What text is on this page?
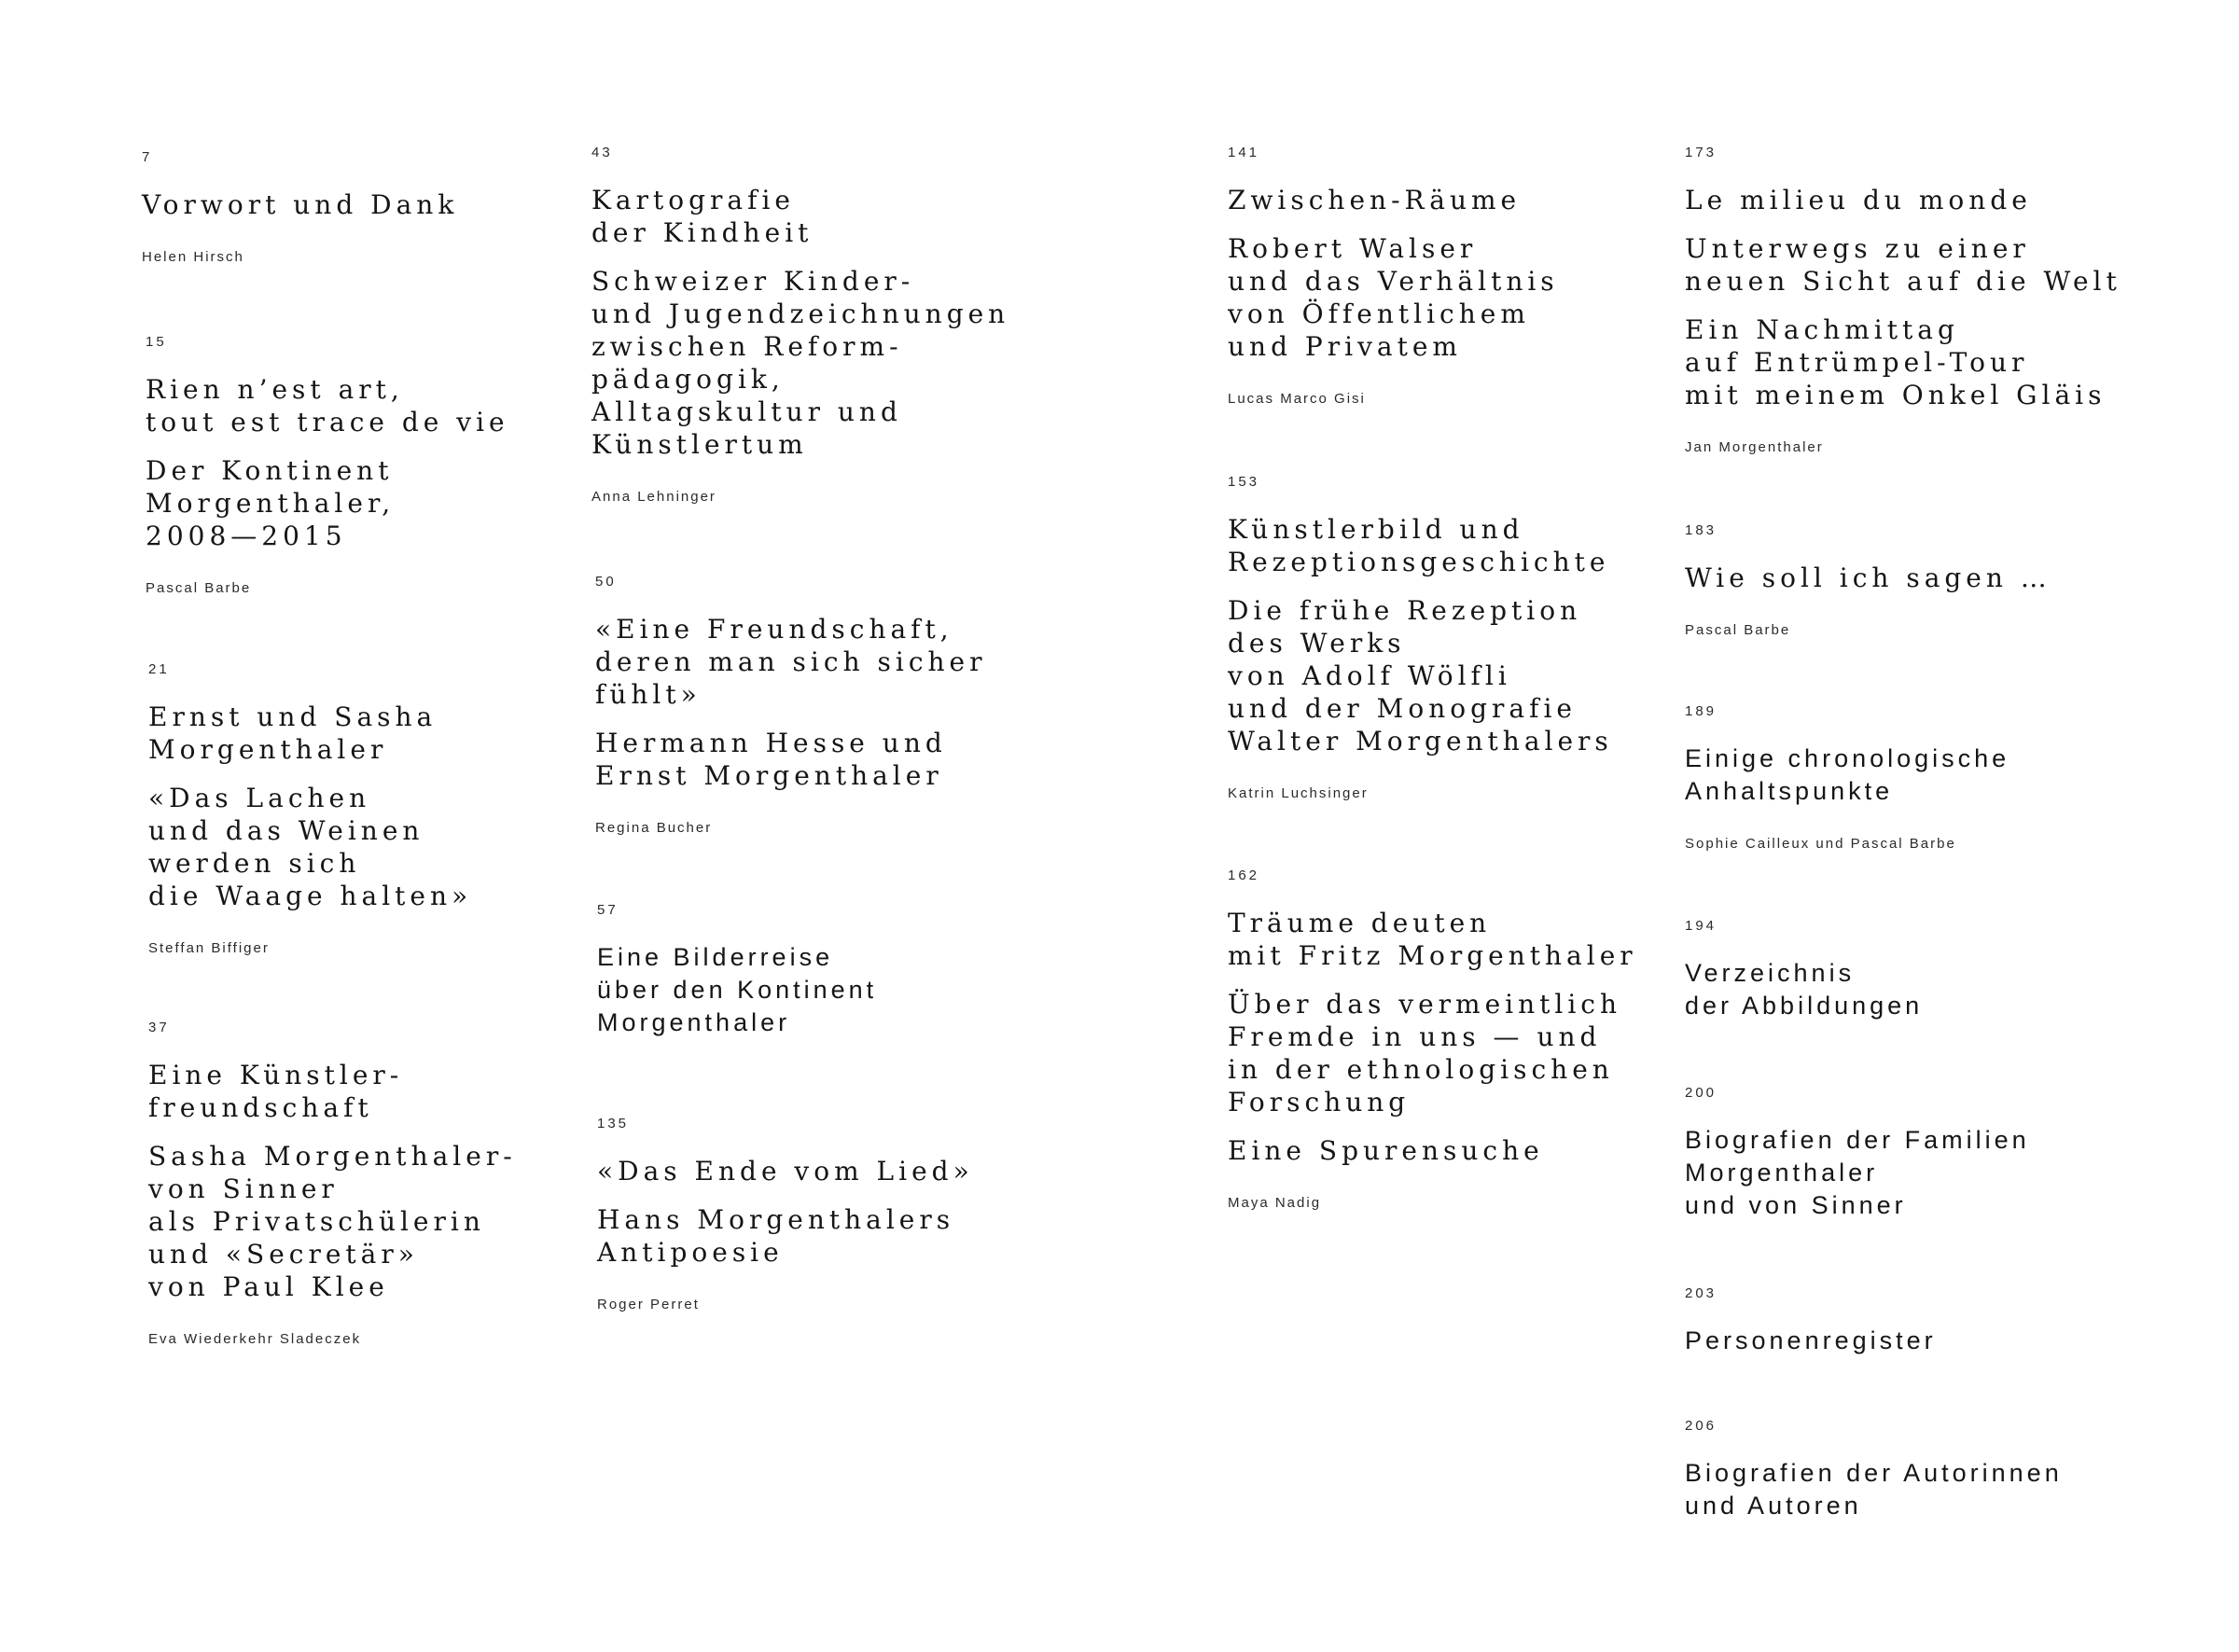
7
Vorwort und Dank
Helen Hirsch
15
Rien n’est art,
tout est trace de vie
Der Kontinent
Morgenthaler,
2008—2015
Pascal Barbe
21
Ernst und Sasha
Morgenthaler
«Das Lachen
und das Weinen
werden sich
die Waage halten»
Steffan Biffiger
37
Eine Künstler-
freundschaft
Sasha Morgenthaler-
von Sinner
als Privatschülerin
und «Secretär»
von Paul Klee
Eva Wiederkehr Sladeczek
43
Kartografie
der Kindheit
Schweizer Kinder-
und Jugendzeichnungen
zwischen Reform-
pädagogik,
Alltagskultur und
Künstlertum
Anna Lehninger
50
«Eine Freundschaft,
deren man sich sicher
fühlt»
Hermann Hesse und
Ernst Morgenthaler
Regina Bucher
57
Eine Bilderreise
über den Kontinent
Morgenthaler
135
«Das Ende vom Lied»
Hans Morgenthalers
Antipoesie
Roger Perret
141
Zwischen-Räume
Robert Walser
und das Verhältnis
von Öffentlichem
und Privatem
Lucas Marco Gisi
153
Künstlerbild und
Rezeptionsgeschichte
Die frühe Rezeption
des Werks
von Adolf Wölfli
und der Monografie
Walter Morgenthalers
Katrin Luchsinger
162
Träume deuten
mit Fritz Morgenthaler
Über das vermeintlich
Fremde in uns — und
in der ethnologischen
Forschung
Eine Spurensuche
Maya Nadig
173
Le milieu du monde
Unterwegs zu einer
neuen Sicht auf die Welt
Ein Nachmittag
auf Entrümpel-Tour
mit meinem Onkel Gläis
Jan Morgenthaler
183
Wie soll ich sagen …
Pascal Barbe
189
Einige chronologische
Anhaltspunkte
Sophie Cailleux und Pascal Barbe
194
Verzeichnis
der Abbildungen
200
Biografien der Familien
Morgenthaler
und von Sinner
203
Personenregister
206
Biografien der Autorinnen
und Autoren
